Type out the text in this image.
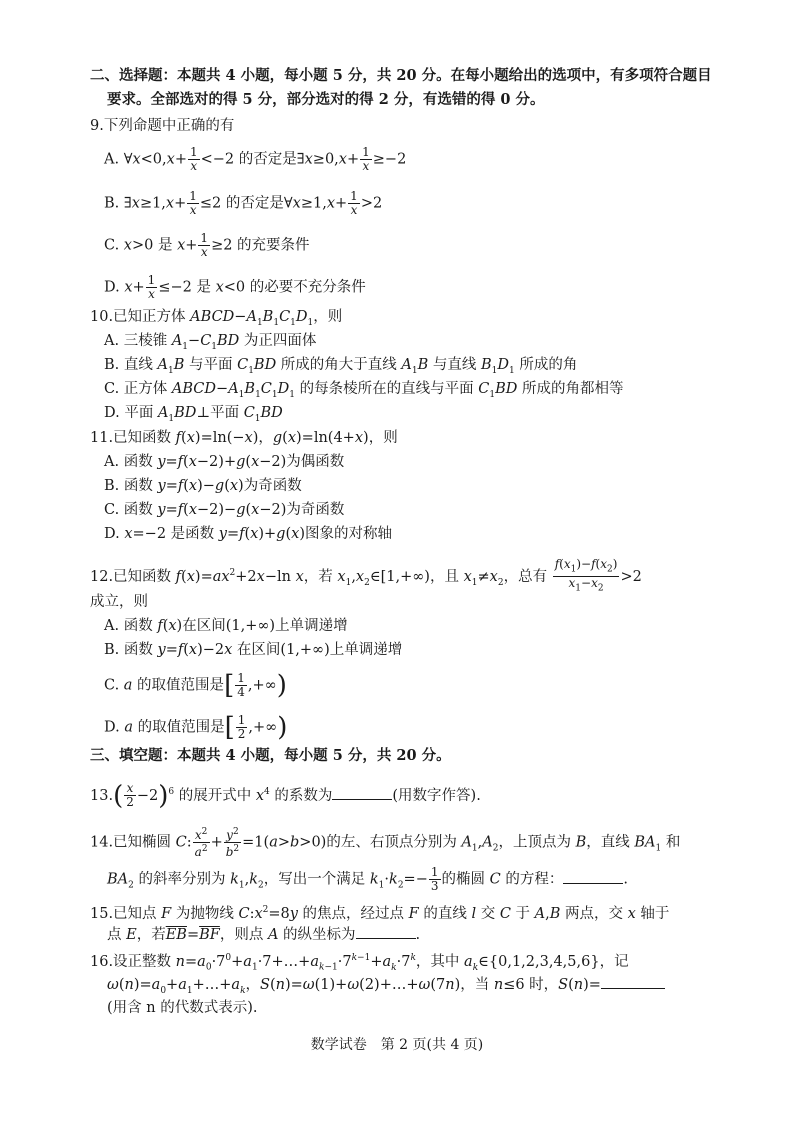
二、选择题：本题共 4 小题，每小题 5 分，共 20 分。在每小题给出的选项中，有多项符合题目
要求。全部选对的得 5 分，部分选对的得 2 分，有选错的得 0 分。
9.下列命题中正确的有
A. ∀x<0,x+ $\frac{1}{x} <-2$ 的否定是∃x≥0,x+ $\frac{1}{x} \ge-2$
B. ∃x≥1,x+ $\frac{1}{x} \le 2$ 的否定是∀x≥1,x+ $\frac{1}{x} >2$
C. x>0 是 $x+ \frac{1}{x} \ge 2$ 的充要条件
D. $x+ \frac{1}{x} \le-2$ 是 x<0 的必要不充分条件
10.已知正方体 $ABCD-A_1B_1C_1D_1$，则
A. 三棱锥 $A_1-C_1BD$ 为正四面体
B. 直线 $A_1B$ 与平面 $C_1BD$ 所成的角大于直线 $A_1B$ 与直线 $B_1D_1$ 所成的角
C. 正方体 $ABCD-A_1B_1C_1D_1$ 的每条棱所在的直线与平面 $C_1BD$ 所成的角都相等
D. 平面 $A_1BD\perp$平面 $C_1BD$
11.已知函数 f(x)=ln(−x)，g(x)=ln(4+x)，则
A. 函数 y=f(x−2)+g(x−2)为偶函数
B. 函数 y=f(x)−g(x)为奇函数
C. 函数 y=f(x−2)−g(x−2)为奇函数
D. x=−2 是函数 y=f(x)+g(x)图象的对称轴
12.已知函数 $f(x)=ax^2+2x-\ln$ x，若 $x_1,x_2\in[1,+\infty)$，且 $x_1\ne x_2$，总有 $\frac{f(x_1)-f(x_2)}{x_1-x_2} >2$
成立，则
A. 函数 f(x)在区间(1,+∞)上单调递增
B. 函数 y=f(x)−2x 在区间(1,+∞)上单调递增
C. a 的取值范围是[ $\frac{1}{4}$ ,+∞)
D. a 的取值范围是[ $\frac{1}{2}$ ,+∞)
三、填空题：本题共 4 小题，每小题 5 分，共 20 分。
$13.( \frac{x}{2} -2)^6$ 的展开式中 $x^4$ 的系数为	(用数字作答).
14.已知椭圆 C: $\frac{x^2}{a^2} + \frac{y^2}{b^2} =1(a>b>0)$的左、右顶点分别为 $A_1,A_2$，上顶点为 B，直线 $BA_1$ 和
$BA_2$ 的斜率分别为 $k_1,k_2$，写出一个满足 $k_1\cdot k_2=- \frac{1}{3}$ 的椭圆 C 的方程：	.
15.已知点 F 为抛物线 $C:x^2=8y$ 的焦点，经过点 F 的直线 l 交 C 于 A,B 两点，交 x 轴于
点 E，若$\overline{EB}=\overline{BF}$，则点 A 的纵坐标为	.
16.设正整数 $n=a_0\cdot 7^0+a_1\cdot 7+\dots+a_{k-1}\cdot 7^{k-1}+a_k\cdot 7^k$，其中 $a_k\in\{0,1,2,3,4,5,6\}$，记
$\omega(n)=a_0+a_1+\dots+a_k$，S(n)=ω(1)+ω(2)+…+ω(7n)，当 n≤6 时，S(n)=
(用含 n 的代数式表示).
数学试卷　第 2 页(共 4 页)
